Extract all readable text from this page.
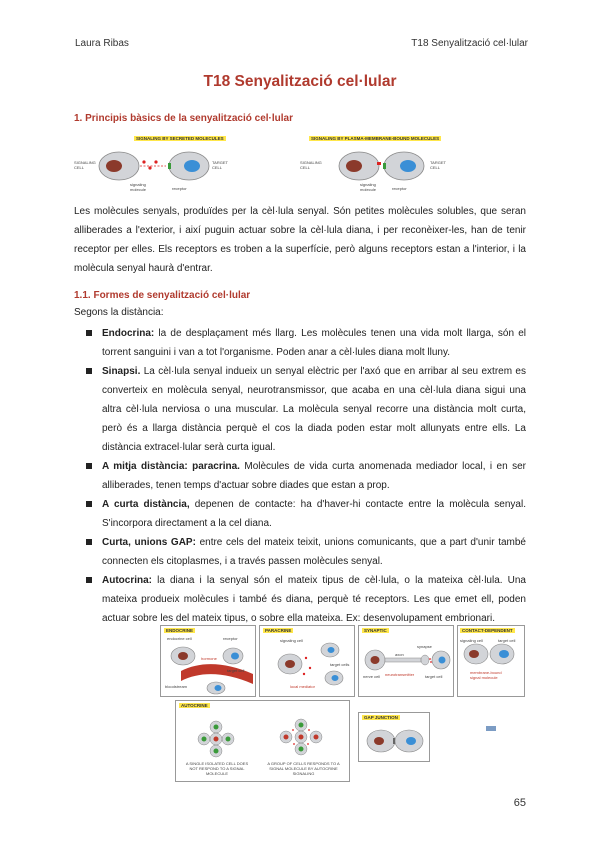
Laura Ribas	T18 Senyalització cel·lular
T18 Senyalització cel·lular
1. Principis bàsics de la senyalització cel·lular
SIGNALING BY SECRETED MOLECULES	SIGNALING BY PLASMA-MEMBRANE-BOUND MOLECULES
SIGNALING CELL
TARGET CELL
signaling molecule	receptor
SIGNALING CELL
TARGET CELL
signaling molecule	receptor
Les molècules senyals, produïdes per la cèl·lula senyal. Són petites molècules solubles, que seran alliberades a l'exterior, i així puguin actuar sobre la cèl·lula diana, i per reconèixer-les, han de tenir receptor per elles. Els receptors es troben a la superfície, però alguns receptors estan a l'interior, i la molècula senyal haurà d'entrar.
1.1. Formes de senyalització cel·lular
Segons la distància:
Endocrina: la de desplaçament més llarg. Les molècules tenen una vida molt llarga, són el torrent sanguini i van a tot l'organisme. Poden anar a cèl·lules diana molt lluny.
Sinapsi. La cèl·lula senyal indueix un senyal elèctric per l'axó que en arribar al seu extrem es converteix en molècula senyal, neurotransmissor, que acaba en una cèl·lula diana sigui una altra cèl·lula nerviosa o una muscular. La molècula senyal recorre una distància molt curta, però és a llarga distància perquè el cos la diada poden estar molt allunyats entre ells. La distància extracel·lular serà curta igual.
A mitja distància: paracrina. Molècules de vida curta anomenada mediador local, i en ser alliberades, tenen temps d'actuar sobre diades que estan a prop.
A curta distància, depenen de contacte: ha d'haver-hi contacte entre la molècula senyal. S'incorpora directament a la cel diana.
Curta, unions GAP: entre cels del mateix teixit, unions comunicants, que a part d'unir també connecten els citoplasmes, i a través passen molècules senyal.
Autocrina: la diana i la senyal són el mateix tipus de cèl·lula, o la mateixa cèl·lula. Una mateixa produeix molècules i també és diana, perquè té receptors. Les que emet ell, poden actuar sobre les del mateix tipus, o sobre ella mateixa. Ex: desenvolupament embrionari.
ENDOCRINE
endocrine cell	receptor
hormone
bloodstream
target cell
PARACRINE
signaling cell
target cells
local mediator
SYNAPTIC
nerve cell
axon
synapse
neurotransmitter	target cell
CONTACT-DEPENDENT
signaling cell	target cell
membrane-bound signal molecule
AUTOCRINE
A SINGLE ISOLATED CELL DOES NOT RESPOND TO A SIGNAL MOLECULE
A GROUP OF CELLS RESPONDS TO A SIGNAL MOLECULE BY AUTOCRINE SIGNALING
GAP JUNCTION
65
